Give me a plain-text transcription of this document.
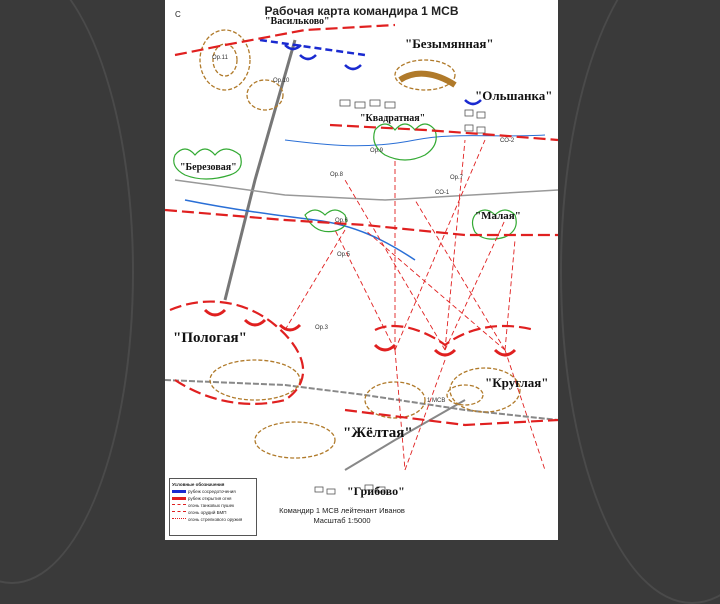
Рабочая карта командира 1 МСВ
С
"Васильково"
"Безымянная"
"Ольшанка"
"Квадратная"
"Березовая"
"Малая"
"Пологая"
"Круглая"
"Жёлтая"
"Грибово"
Ор.11
Ор.10
Ор.9
Ор.8	Ор.7
Ор.6
Ор.5
Ор.3
СО-2
СО-1
1 МСВ
Условные обозначения
рубеж сосредоточения
рубеж открытия огня
огонь танковых пушек
огонь орудий БМП
огонь стрелкового оружия
Командир 1 МСВ лейтенант Иванов
Масштаб 1:5000
